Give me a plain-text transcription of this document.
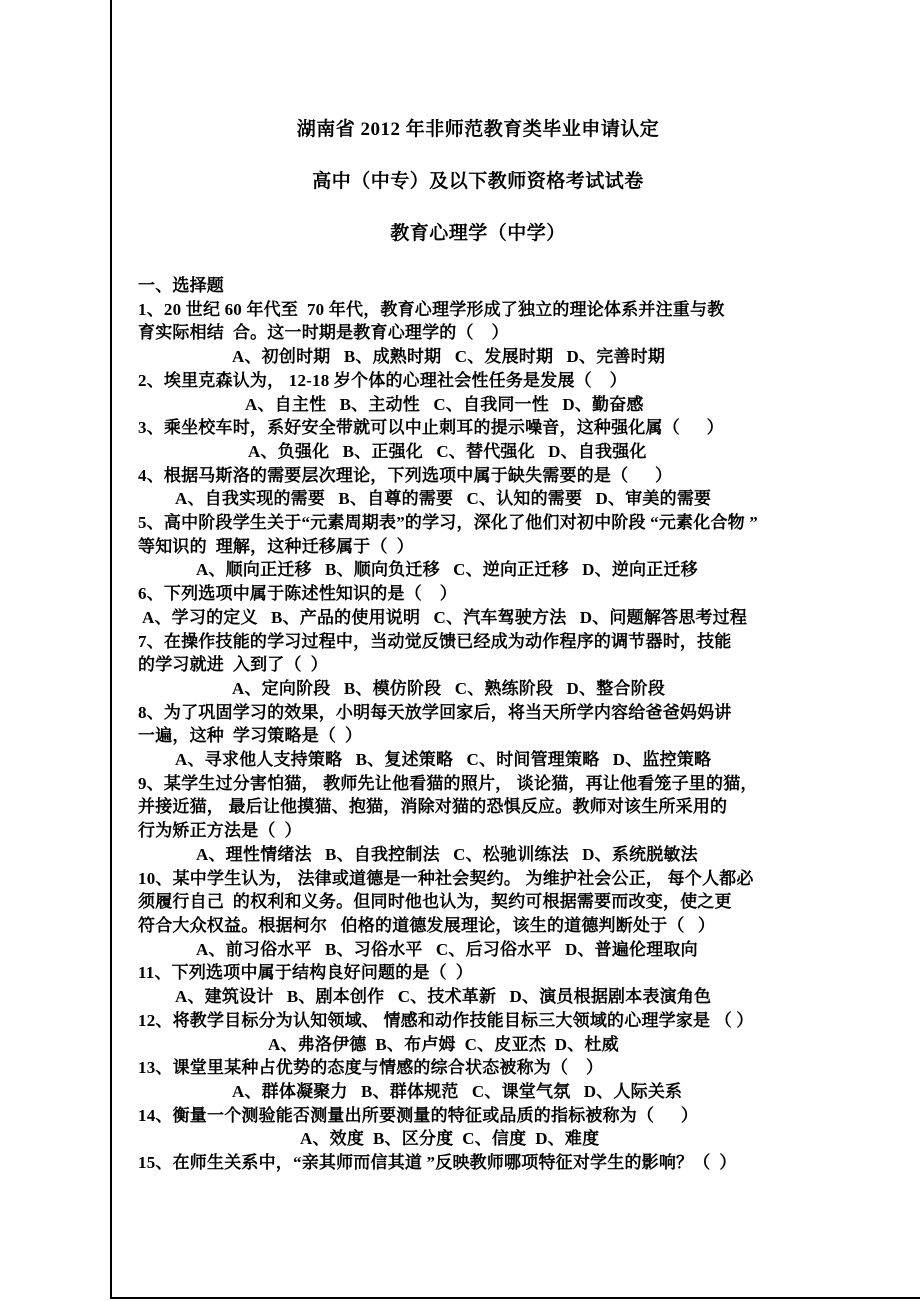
湖南省 2012 年非师范教育类毕业申请认定
高中（中专）及以下教师资格考试试卷
教育心理学（中学）
一、选择题
1、20 世纪 60 年代至  70 年代，教育心理学形成了独立的理论体系并注重与教
育实际相结  合。这一时期是教育心理学的（    ）
A、初创时期   B、成熟时期   C、发展时期   D、完善时期
2、埃里克森认为， 12-18 岁个体的心理社会性任务是发展（    ）
A、自主性   B、主动性   C、自我同一性   D、勤奋感
3、乘坐校车时，系好安全带就可以中止刺耳的提示噪音，这种强化属（      ）
A、负强化   B、正强化   C、替代强化   D、自我强化
4、根据马斯洛的需要层次理论，下列选项中属于缺失需要的是（      ）
A、自我实现的需要   B、自尊的需要   C、认知的需要   D、审美的需要
5、高中阶段学生关于“元素周期表”的学习，深化了他们对初中阶段 “元素化合物 ”
等知识的  理解，这种迁移属于（  ）
A、顺向正迁移   B、顺向负迁移   C、逆向正迁移   D、逆向正迁移
6、下列选项中属于陈述性知识的是（    ）
A、学习的定义   B、产品的使用说明   C、汽车驾驶方法   D、问题解答思考过程
7、在操作技能的学习过程中，当动觉反馈已经成为动作程序的调节器时，技能
的学习就进  入到了（  ）
A、定向阶段   B、模仿阶段   C、熟练阶段   D、整合阶段
8、为了巩固学习的效果，小明每天放学回家后，将当天所学内容给爸爸妈妈讲
一遍，这种  学习策略是（  ）
A、寻求他人支持策略   B、复述策略   C、时间管理策略   D、监控策略
9、某学生过分害怕猫， 教师先让他看猫的照片， 谈论猫，再让他看笼子里的猫，
并接近猫， 最后让他摸猫、抱猫，消除对猫的恐惧反应。教师对该生所采用的
行为矫正方法是（  ）
A、理性情绪法   B、自我控制法   C、松驰训练法   D、系统脱敏法
10、某中学生认为， 法律或道德是一种社会契约。 为维护社会公正， 每个人都必
须履行自己  的权利和义务。但同时他也认为，契约可根据需要而改变，使之更
符合大众权益。根据柯尔   伯格的道德发展理论，该生的道德判断处于（   ）
A、前习俗水平   B、习俗水平   C、后习俗水平   D、普遍伦理取向
11、下列选项中属于结构良好问题的是（  ）
A、建筑设计   B、剧本创作   C、技术革新   D、演员根据剧本表演角色
12、将教学目标分为认知领域、 情感和动作技能目标三大领域的心理学家是 （ ）
A、弗洛伊德  B、布卢姆  C、皮亚杰  D、杜威
13、课堂里某种占优势的态度与情感的综合状态被称为（    ）
A、群体凝聚力   B、群体规范   C、课堂气氛   D、人际关系
14、衡量一个测验能否测量出所要测量的特征或品质的指标被称为（      ）
A、效度  B、区分度  C、信度  D、难度
15、在师生关系中，“亲其师而信其道 ”反映教师哪项特征对学生的影响？（  ）
